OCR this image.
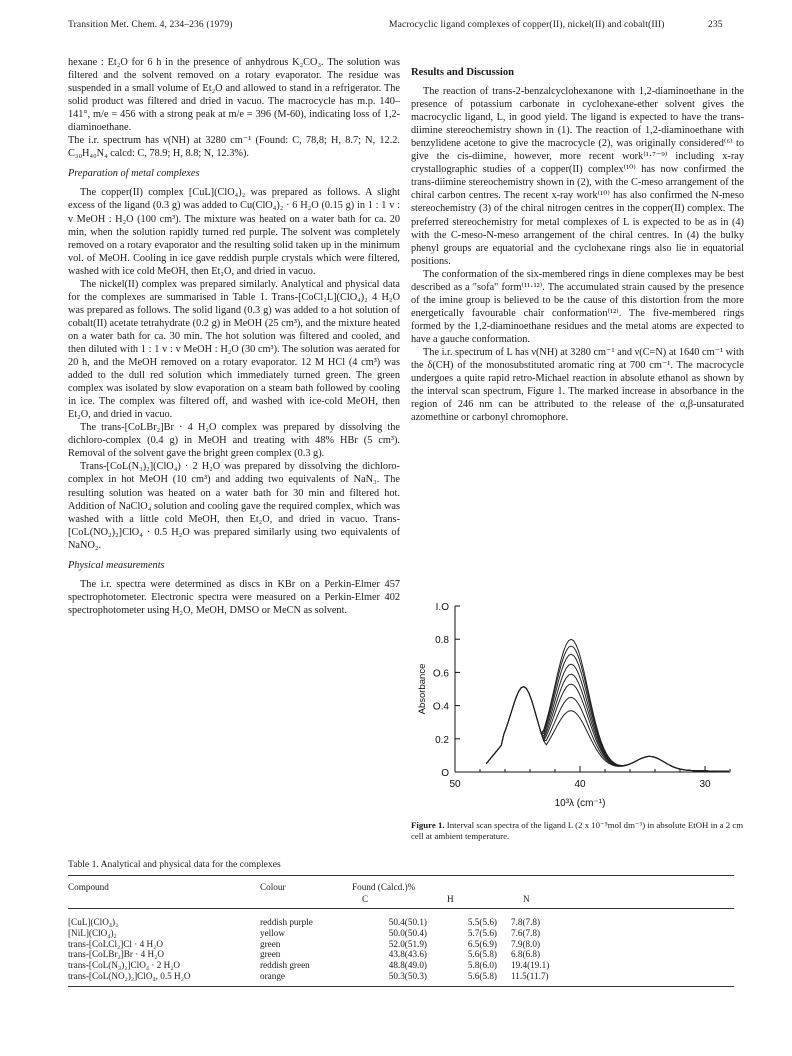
Transition Met. Chem. 4, 234–236 (1979)	Macrocyclic ligand complexes of copper(II), nickel(II) and cobalt(III)	235

hexane : Et₂O for 6 h in the presence of anhydrous K₂CO₃. The solution was filtered and the solvent removed on a rotary evaporator. The residue was suspended in a small volume of Et₂O and allowed to stand in a refrigerator. The solid product was filtered and dried in vacuo. The macrocycle has m.p. 140–141°, m/e = 456 with a strong peak at m/e = 396 (M-60), indicating loss of 1,2-diaminoethane.

The i.r. spectrum has ν(NH) at 3280 cm⁻¹ (Found: C, 78,8; H, 8.7; N, 12.2. C₃₀H₄₀N₄ calcd: C, 78.9; H, 8.8; N, 12.3%).

Preparation of metal complexes

The copper(II) complex [CuL](ClO₄)₂ was prepared as follows. A slight excess of the ligand (0.3 g) was added to Cu(ClO₄)₂ · 6 H₂O (0.15 g) in 1 : 1 v : v MeOH : H₂O (100 cm³). The mixture was heated on a water bath for ca. 20 min, when the solution rapidly turned red purple. The solvent was completely removed on a rotary evaporator and the resulting solid taken up in the minimum vol. of MeOH. Cooling in ice gave reddish purple crystals which were filtered, washed with ice cold MeOH, then Et₂O, and dried in vacuo.

The nickel(II) complex was prepared similarly. Analytical and physical data for the complexes are summarised in Table 1. Trans-[CoCl₂L](ClO₄)₂ 4 H₂O was prepared as follows. The solid ligand (0.3 g) was added to a hot solution of cobalt(II) acetate tetrahydrate (0.2 g) in MeOH (25 cm³), and the mixture heated on a water bath for ca. 30 min. The hot solution was filtered and cooled, and then diluted with 1 : 1 v : v MeOH : H₂O (30 cm³). The solution was aerated for 20 h, and the MeOH removed on a rotary evaporator. 12 M HCl (4 cm³) was added to the dull red solution which immediately turned green. The green complex was isolated by slow evaporation on a steam bath followed by cooling in ice. The complex was filtered off, and washed with ice-cold MeOH, then Et₂O, and dried in vacuo.

The trans-[CoLBr₂]Br · 4 H₂O complex was prepared by dissolving the dichloro-complex (0.4 g) in MeOH and treating with 48% HBr (5 cm³). Removal of the solvent gave the bright green complex (0.3 g).

Trans-[CoL(N₃)₂](ClO₄) · 2 H₂O was prepared by dissolving the dichloro-complex in hot MeOH (10 cm³) and adding two equivalents of NaN₃. The resulting solution was heated on a water bath for 30 min and filtered hot. Addition of NaClO₄ solution and cooling gave the required complex, which was washed with a little cold MeOH, then Et₂O, and dried in vacuo. Trans-[CoL(NO₂)₂]ClO₄ · 0.5 H₂O was prepared similarly using two equivalents of NaNO₂.

Physical measurements

The i.r. spectra were determined as discs in KBr on a Perkin-Elmer 457 spectrophotometer. Electronic spectra were measured on a Perkin-Elmer 402 spectrophotometer using H₂O, MeOH, DMSO or MeCN as solvent.

Results and Discussion

The reaction of trans-2-benzalcyclohexanone with 1,2-diaminoethane in the presence of potassium carbonate in cyclohexane-ether solvent gives the macrocyclic ligand, L, in good yield. The ligand is expected to have the trans-diimine stereochemistry shown in (1). The reaction of 1,2-diaminoethane with benzylidene acetone to give the macrocycle (2), was originally considered⁽⁶⁾ to give the cis-diimine, however, more recent work⁽¹·⁷⁻⁹⁾ including x-ray crystallographic studies of a copper(II) complex⁽¹⁰⁾ has now confirmed the trans-diimine stereochemistry shown in (2), with the C-meso arrangement of the chiral carbon centres. The recent x-ray work⁽¹⁰⁾ has also confirmed the N-meso stereochemistry (3) of the chiral nitrogen centres in the copper(II) complex. The preferred stereochemistry for metal complexes of L is expected to be as in (4) with the C-meso-N-meso arrangement of the chiral centres. In (4) the bulky phenyl groups are equatorial and the cyclohexane rings also lie in equatorial positions.

The conformation of the six-membered rings in diene complexes may be best described as a "sofa" form⁽¹¹·¹²⁾. The accumulated strain caused by the presence of the imine group is believed to be the cause of this distortion from the more energetically favourable chair conformation⁽¹²⁾. The five-membered rings formed by the 1,2-diaminoethane residues and the metal atoms are expected to have a gauche conformation.

The i.r. spectrum of L has ν(NH) at 3280 cm⁻¹ and ν(C=N) at 1640 cm⁻¹ with the δ(CH) of the monosubstituted aromatic ring at 700 cm⁻¹. The macrocycle undergoes a quite rapid retro-Michael reaction in absolute ethanol as shown by the interval scan spectrum, Figure 1. The marked increase in absorbance in the region of 246 nm can be attributed to the release of the α,β-unsaturated azomethine or carbonyl chromophore.

O
0.2
O.4
O.6
0.8
I.O
50	40	30
10³λ (cm⁻¹)
Absorbance
Figure 1. Interval scan spectra of the ligand L (2 x 10⁻⁵mol dm⁻³) in absolute EtOH in a 2 cm cell at ambient temperature.
Table 1. Analytical and physical data for the complexes
Compound	Colour	Found (Calcd.)%		
		C	H	N
[CuL](ClO₄)₂	reddish purple	50.4(50.1)	5.5(5.6)	7.8(7.8)
[NiL](ClO₄)₂	yellow	50.0(50.4)	5.7(5.6)	7.6(7.8)
trans-[CoLCl₂]Cl · 4 H₂O	green	52.0(51.9)	6.5(6.9)	7.9(8.0)
trans-[CoLBr₂]Br · 4 H₂O	green	43.8(43.6)	5.6(5.8)	6.8(6.8)
trans-[CoL(N₃)₂]ClO₄ · 2 H₂O	reddish green	48.8(49.0)	5.8(6.0)	19.4(19.1)
trans-[CoL(NO₂)₂]ClO₄, 0.5 H₂O	orange	50.3(50.3)	5.6(5.8)	11.5(11.7)
